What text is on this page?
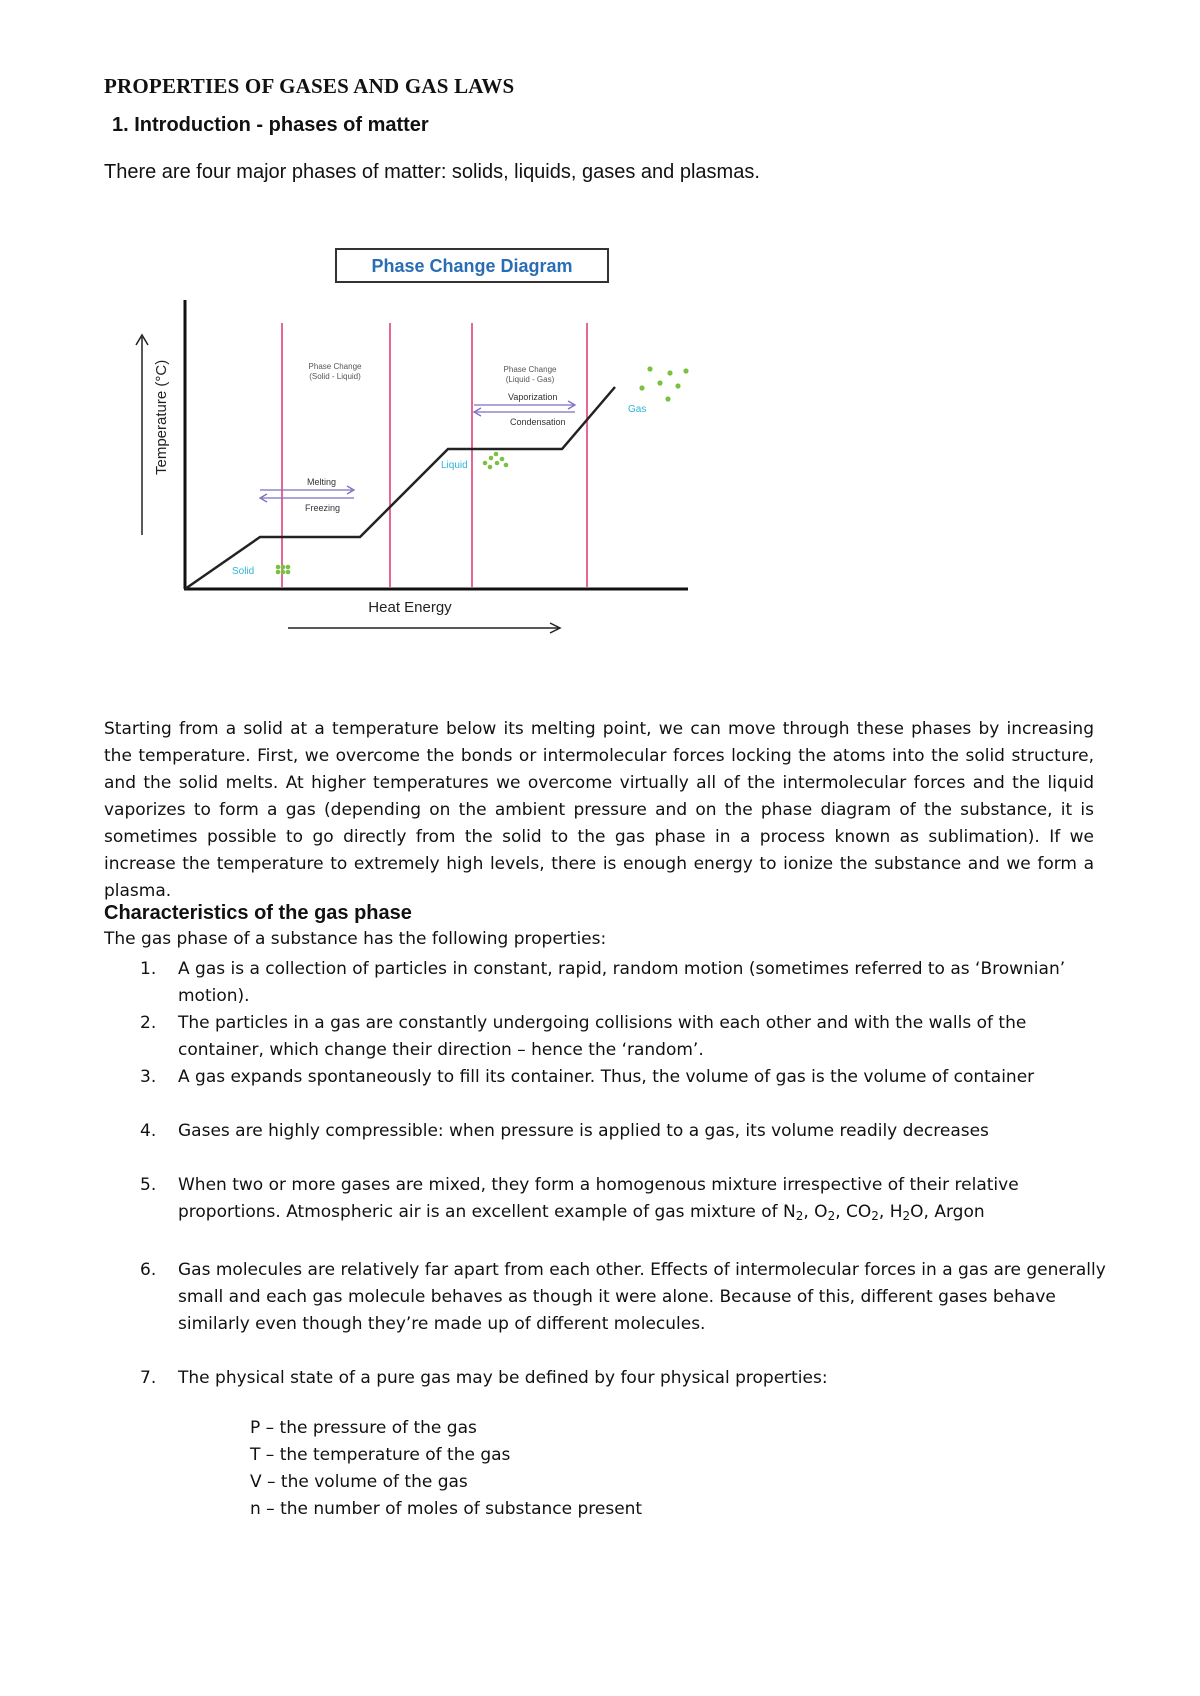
PROPERTIES OF GASES AND GAS LAWS
1. Introduction - phases of matter

There are four major phases of matter: solids, liquids, gases and plasmas.

Phase Change Diagram
Phase Change
(Solid - Liquid)
Phase Change
(Liquid - Gas)
Temperature (°C)
Heat Energy
Melting
Freezing
Vaporization
Condensation
Solid
Liquid
Gas

Starting from a solid at a temperature below its melting point, we can move through these phases by increasing the temperature. First, we overcome the bonds or intermolecular forces locking the atoms into the solid structure, and the solid melts. At higher temperatures we overcome virtually all of the intermolecular forces and the liquid vaporizes to form a gas (depending on the ambient pressure and on the phase diagram of the substance, it is sometimes possible to go directly from the solid to the gas phase in a process known as sublimation). If we increase the temperature to extremely high levels, there is enough energy to ionize the substance and we form a plasma.

Characteristics of the gas phase

The gas phase of a substance has the following properties:

1. A gas is a collection of particles in constant, rapid, random motion (sometimes referred to as ‘Brownian’ motion).
2. The particles in a gas are constantly undergoing collisions with each other and with the walls of the container, which change their direction – hence the ‘random’.
3. A gas expands spontaneously to fill its container. Thus, the volume of gas is the volume of container
4. Gases are highly compressible: when pressure is applied to a gas, its volume readily decreases
5. When two or more gases are mixed, they form a homogenous mixture irrespective of their relative proportions. Atmospheric air is an excellent example of gas mixture of $N_2$, $O_2$, $CO_2$, $H_2O$, Argon
6. Gas molecules are relatively far apart from each other. Effects of intermolecular forces in a gas are generally small and each gas molecule behaves as though it were alone. Because of this, different gases behave similarly even though they’re made up of different molecules.
7. The physical state of a pure gas may be defined by four physical properties:
P – the pressure of the gas
T – the temperature of the gas
V – the volume of the gas
n – the number of moles of substance present
